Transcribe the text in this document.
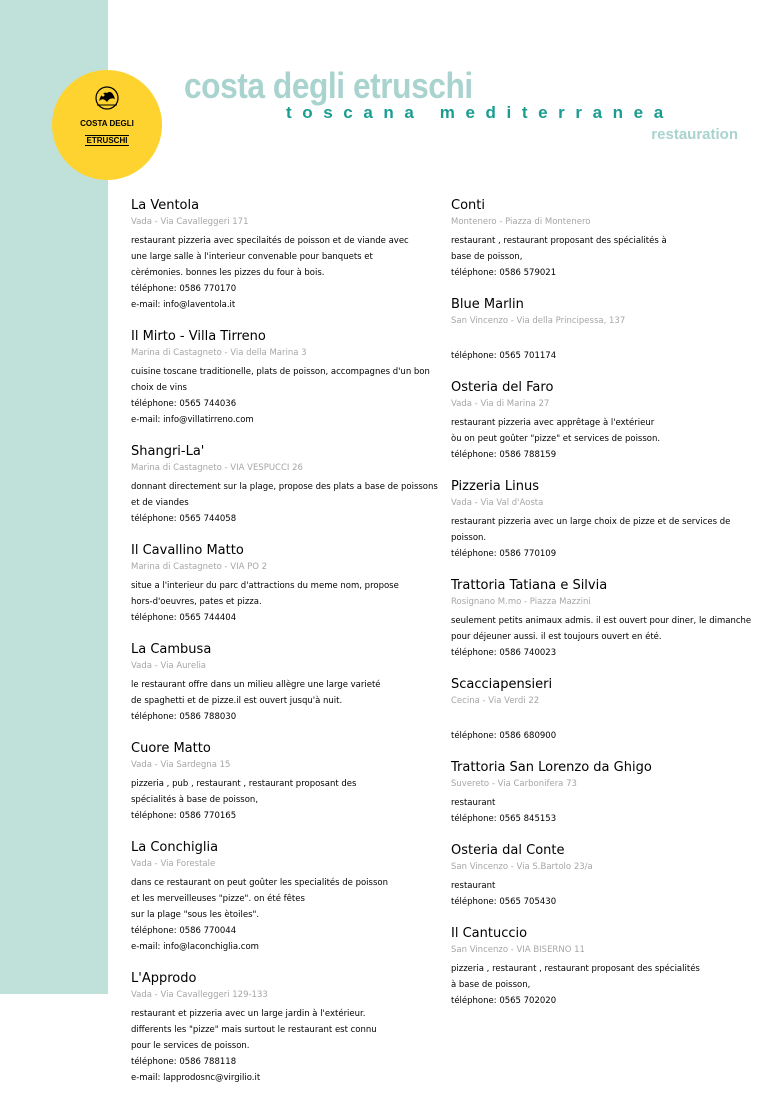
COSTA DEGLI
ETRUSCHI
costa degli etruschi
toscana mediterranea
restauration
La Ventola
Vada - Via Cavalleggeri 171
restaurant pizzeria avec specilaités de poisson et de viande avec
une large salle à l'interieur convenable pour banquets et
cèrémonies. bonnes les pizzes du four à bois.
téléphone: 0586 770170
e-mail: info@laventola.it
Il Mirto - Villa Tirreno
Marina di Castagneto - Via della Marina 3
cuisine toscane traditionelle, plats de poisson, accompagnes d'un bon
choix de vins
téléphone: 0565 744036
e-mail: info@villatirreno.com
Shangri-La'
Marina di Castagneto - VIA VESPUCCI 26
donnant directement sur la plage, propose des plats a base de poissons
et de viandes
téléphone: 0565 744058
Il Cavallino Matto
Marina di Castagneto - VIA PO 2
situe a l'interieur du parc d'attractions du meme nom, propose
hors-d'oeuvres, pates et pizza.
téléphone: 0565 744404
La Cambusa
Vada - Via Aurelia
le restaurant offre dans un milieu allègre une large varieté
de spaghetti et de pizze.il est ouvert jusqu'à nuit.
téléphone: 0586 788030
Cuore Matto
Vada - Via Sardegna 15
pizzeria , pub , restaurant , restaurant proposant des
spécialités à base de poisson,
téléphone: 0586 770165
La Conchiglia
Vada - Via Forestale
dans ce restaurant on peut goûter les specialités de poisson
et les merveilleuses "pizze". on été fêtes
sur la plage "sous les ètoiles".
téléphone: 0586 770044
e-mail: info@laconchiglia.com
L'Approdo
Vada - Via Cavalleggeri 129-133
restaurant et pizzeria avec un large jardin à l'extérieur.
differents les "pizze" mais surtout le restaurant est connu
pour le services de poisson.
téléphone: 0586 788118
e-mail: lapprodosnc@virgilio.it
Conti
Montenero - Piazza di Montenero
restaurant , restaurant proposant des spécialités à
base de poisson,
téléphone: 0586 579021
Blue Marlin
San Vincenzo - Via della Principessa, 137

téléphone: 0565 701174
Osteria del Faro
Vada - Via di Marina 27
restaurant pizzeria avec apprêtage à l'extérieur
òu on peut goûter "pizze" et services de poisson.
téléphone: 0586 788159
Pizzeria Linus
Vada - Via Val d'Aosta
restaurant pizzeria avec un large choix de pizze et de services de
poisson.
téléphone: 0586 770109
Trattoria Tatiana e Silvia
Rosignano M.mo - Piazza Mazzini
seulement petits animaux admis. il est ouvert pour diner, le dimanche
pour déjeuner aussi. il est toujours ouvert en été.
téléphone: 0586 740023
Scacciapensieri
Cecina - Via Verdi 22

téléphone: 0586 680900
Trattoria San Lorenzo da Ghigo
Suvereto - Via Carbonifera 73
restaurant
téléphone: 0565 845153
Osteria dal Conte
San Vincenzo - Via S.Bartolo 23/a
restaurant
téléphone: 0565 705430
Il Cantuccio
San Vincenzo - VIA BISERNO 11
pizzeria , restaurant , restaurant proposant des spécialités
à base de poisson,
téléphone: 0565 702020
